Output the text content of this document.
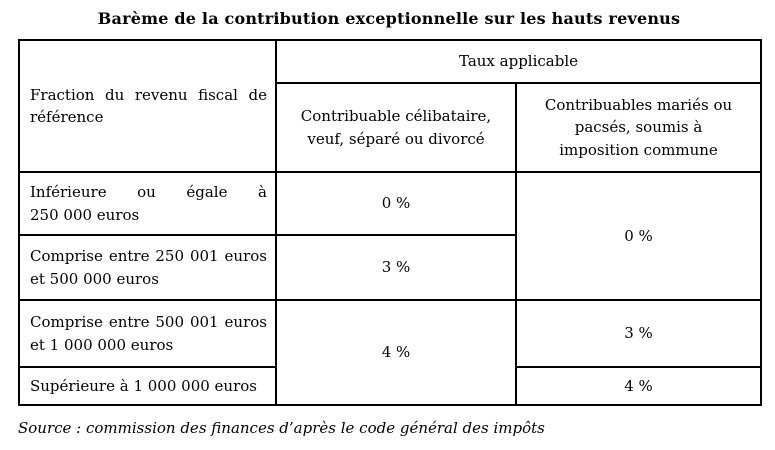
Barème de la contribution exceptionnelle sur les hauts revenus
Fraction du revenu fiscal de référence	Taux applicable	
	Contribuable célibataire, veuf, séparé ou divorcé	Contribuables mariés ou pacsés, soumis à imposition commune
Inférieure ou égale à 250 000 euros	0 %	0 %
Comprise entre 250 001 euros et 500 000 euros	3 %	
Comprise entre 500 001 euros et 1 000 000 euros	4 %	3 %
Supérieure à 1 000 000 euros		4 %
Source : commission des finances d’après le code général des impôts
